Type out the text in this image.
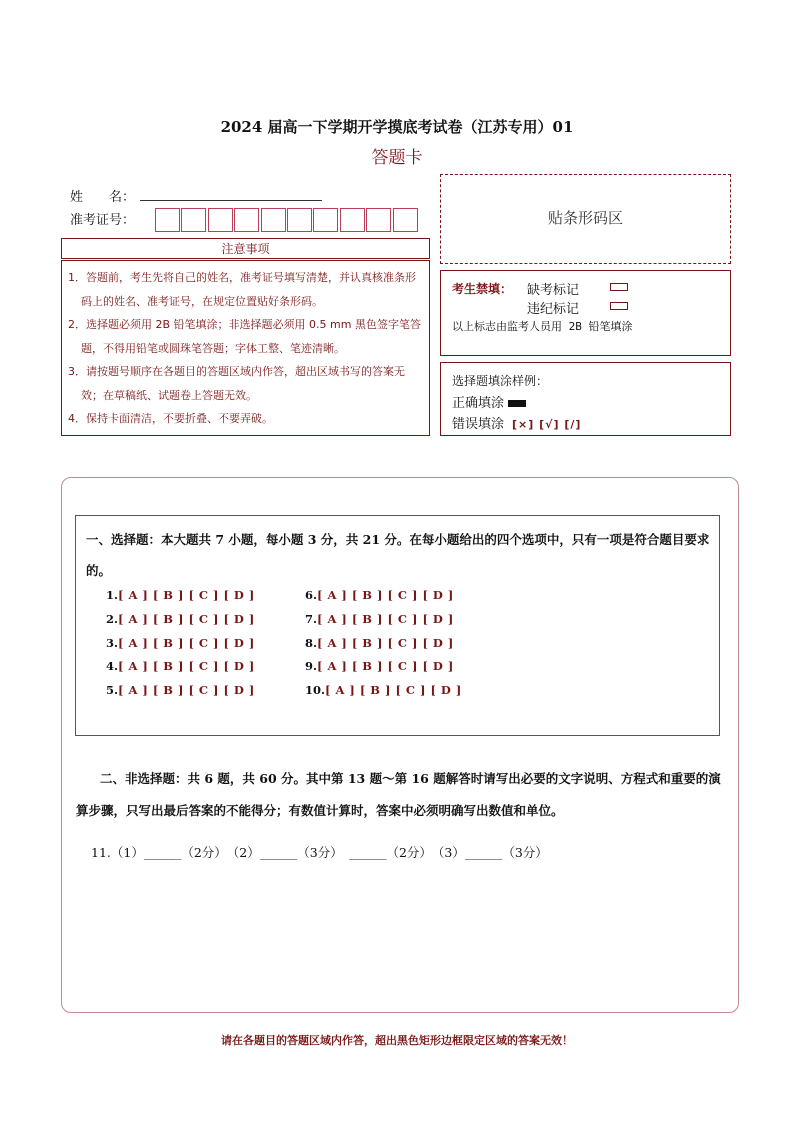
2024 届高一下学期开学摸底考试卷（江苏专用）01
答题卡
姓　　名：
准考证号：
注意事项

1．答题前，考生先将自己的姓名，准考证号填写清楚，并认真核准条形码上的姓名、准考证号，在规定位置贴好条形码。

2．选择题必须用 2B 铅笔填涂；非选择题必须用 0.5 mm 黑色签字笔答题，不得用铅笔或圆珠笔答题；字体工整、笔迹清晰。

3．请按题号顺序在各题目的答题区域内作答，超出区域书写的答案无效；在草稿纸、试题卷上答题无效。

4．保持卡面清洁，不要折叠、不要弄破。

贴条形码区
考生禁填： 缺考标记
违纪标记
以上标志由监考人员用 2B 铅笔填涂
选择题填涂样例：
正确填涂
错误填涂 [×] [√] [/]
一、选择题：本大题共 7 小题，每小题 3 分，共 21 分。在每小题给出的四个选项中，只有一项是符合题目要求的。
1.[ A ] [ B ] [ C ] [ D ]
2.[ A ] [ B ] [ C ] [ D ]
3.[ A ] [ B ] [ C ] [ D ]
4.[ A ] [ B ] [ C ] [ D ]
5.[ A ] [ B ] [ C ] [ D ]
6.[ A ] [ B ] [ C ] [ D ]
7.[ A ] [ B ] [ C ] [ D ]
8.[ A ] [ B ] [ C ] [ D ]
9.[ A ] [ B ] [ C ] [ D ]
10.[ A ] [ B ] [ C ] [ D ]
二、非选择题：共 6 题，共 60 分。其中第 13 题～第 16 题解答时请写出必要的文字说明、方程式和重要的演算步骤，只写出最后答案的不能得分；有数值计算时，答案中必须明确写出数值和单位。
11.（1）______（2分）　（2）______（3分）　______（2分）　（3）______（3分）
请在各题目的答题区域内作答，超出黑色矩形边框限定区域的答案无效！
